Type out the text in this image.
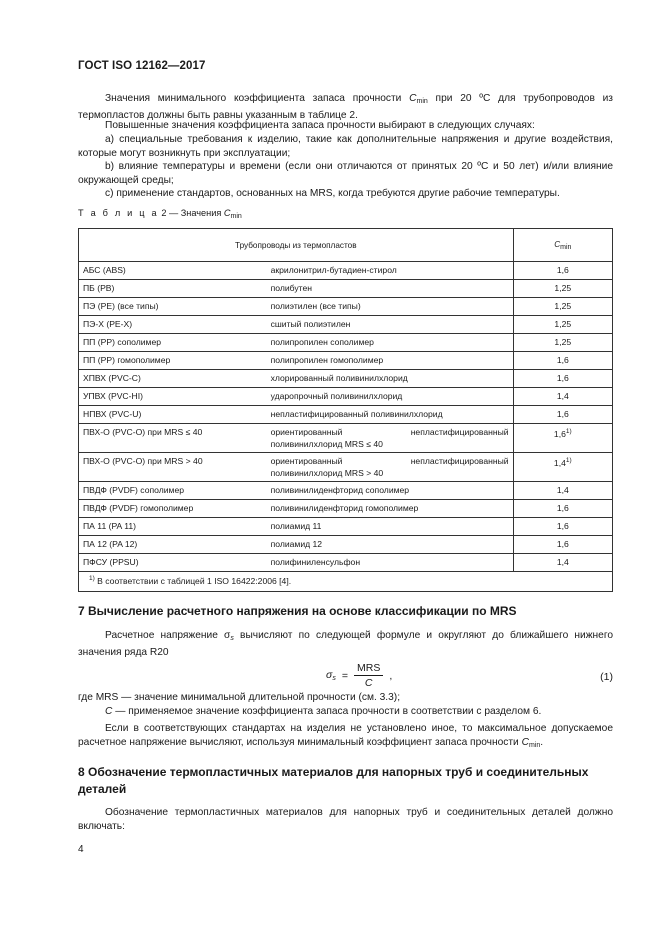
ГОСТ ISO 12162—2017
Значения минимального коэффициента запаса прочности $C_{min}$ при 20 ºС для трубопроводов из термопластов должны быть равны указанным в таблице 2.
Повышенные значения коэффициента запаса прочности выбирают в следующих случаях:
a) специальные требования к изделию, такие как дополнительные напряжения и другие воздействия, которые могут возникнуть при эксплуатации;
b) влияние температуры и времени (если они отличаются от принятых 20 ºС и 50 лет) и/или влияние окружающей среды;
c) применение стандартов, основанных на MRS, когда требуются другие рабочие температуры.
Т а б л и ц а 2 — Значения $C_{min}$
Трубопроводы из термопластов		Cmin
АБС (ABS)	акрилонитрил-бутадиен-стирол	1,6
ПБ (PB)	полибутен	1,25
ПЭ (PE) (все типы)	полиэтилен (все типы)	1,25
ПЭ-X (PE-X)	сшитый полиэтилен	1,25
ПП (PP) сополимер	полипропилен сополимер	1,25
ПП (PP) гомополимер	полипропилен гомополимер	1,6
ХПВХ (PVC-C)	хлорированный поливинилхлорид	1,6
УПВХ (PVC-HI)	ударопрочный поливинилхлорид	1,4
НПВХ (PVC-U)	непластифицированный поливинилхлорид	1,6
ПВХ-О (PVC-O) при MRS ≤ 40	ориентированный непластифицированный
поливинилхлорид MRS ≤ 40	1,6$^{1)}$
ПВХ-О (PVC-O) при MRS > 40	ориентированный непластифицированный
поливинилхлорид MRS > 40	1,4$^{1)}$
ПВДФ (PVDF) сополимер	поливинилиденфторид сополимер	1,4
ПВДФ (PVDF) гомополимер	поливинилиденфторид гомополимер	1,6
ПА 11 (PA 11)	полиамид 11	1,6
ПА 12 (PA 12)	полиамид 12	1,6
ПФСУ (PPSU)	полифиниленсульфон	1,4
$^{1)}$ В соответствии с таблицей 1 ISO 16422:2006 [4].		
7 Вычисление расчетного напряжения на основе классификации по MRS
Расчетное напряжение $\sigma_s$ вычисляют по следующей формуле и округляют до ближайшего нижнего значения ряда R20
$\sigma_s = \frac{\text{MRS}}{C}$ ,	(1)
где MRS — значение минимальной длительной прочности (см. 3.3);
C — применяемое значение коэффициента запаса прочности в соответствии с разделом 6.
Если в соответствующих стандартах на изделия не установлено иное, то максимальное допускаемое расчетное напряжение вычисляют, используя минимальный коэффициент запаса прочности $C_{min}$.
8 Обозначение термопластичных материалов для напорных труб и соединительных деталей
Обозначение термопластичных материалов для напорных труб и соединительных деталей должно включать:
4
